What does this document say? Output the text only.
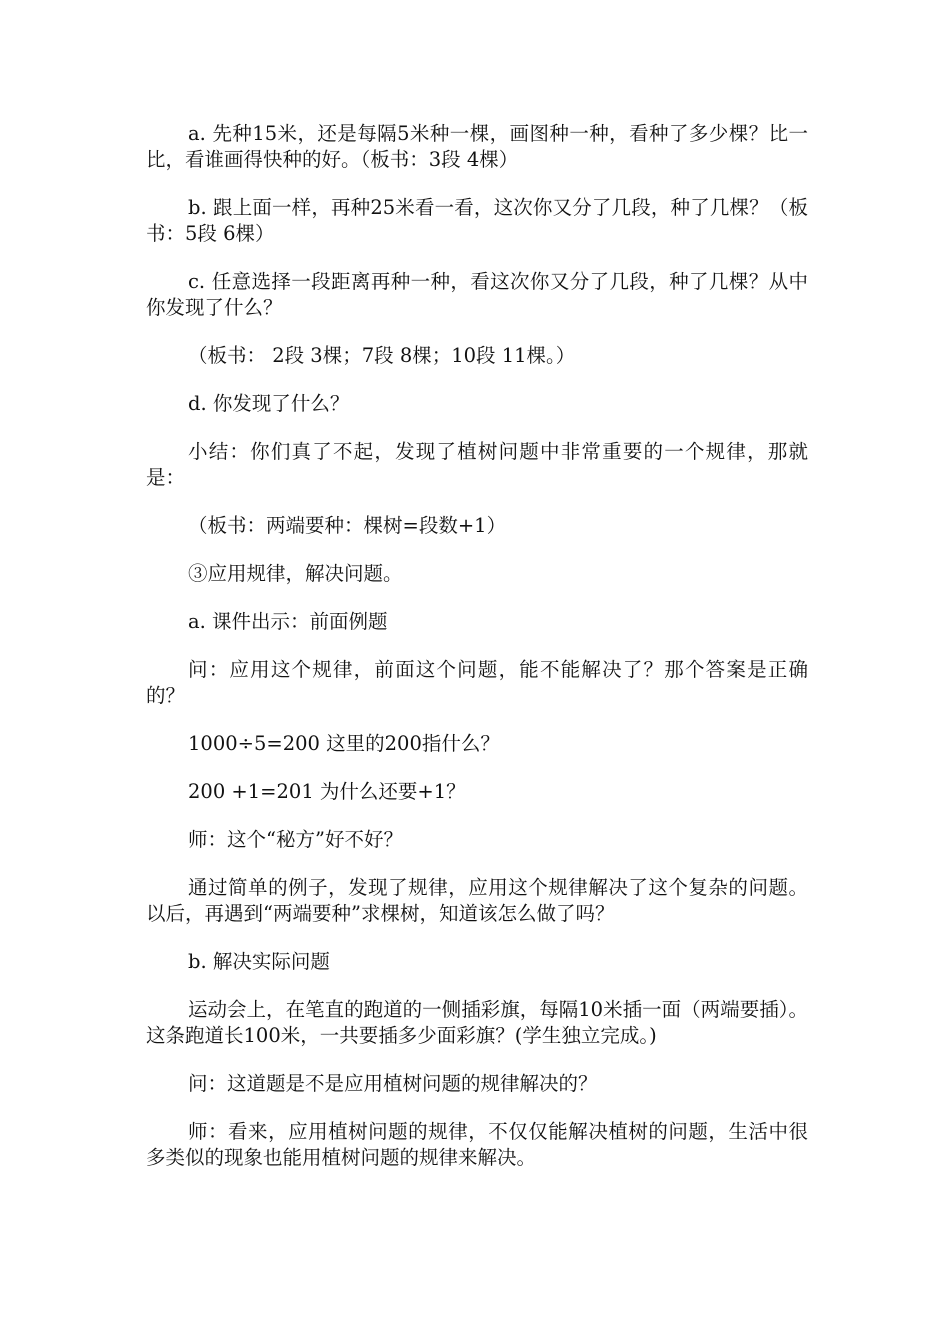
a. 先种15米，还是每隔5米种一棵，画图种一种，看种了多少棵？比一比，看谁画得快种的好。（板书：3段 4棵）

b. 跟上面一样，再种25米看一看，这次你又分了几段，种了几棵？（板书：5段 6棵）

c. 任意选择一段距离再种一种，看这次你又分了几段，种了几棵？从中你发现了什么？

（板书： 2段 3棵；7段 8棵；10段 11棵。）

d. 你发现了什么？

小结：你们真了不起，发现了植树问题中非常重要的一个规律，那就是：

（板书：两端要种：棵树=段数+1）

③应用规律，解决问题。

a. 课件出示：前面例题

问：应用这个规律，前面这个问题，能不能解决了？那个答案是正确的？

1000÷5=200 这里的200指什么？

200 +1=201 为什么还要+1？

师：这个“秘方”好不好？

通过简单的例子，发现了规律，应用这个规律解决了这个复杂的问题。以后，再遇到“两端要种”求棵树，知道该怎么做了吗？

b. 解决实际问题

运动会上，在笔直的跑道的一侧插彩旗，每隔10米插一面（两端要插）。这条跑道长100米，一共要插多少面彩旗？(学生独立完成。)

问：这道题是不是应用植树问题的规律解决的？

师：看来，应用植树问题的规律，不仅仅能解决植树的问题，生活中很多类似的现象也能用植树问题的规律来解决。
